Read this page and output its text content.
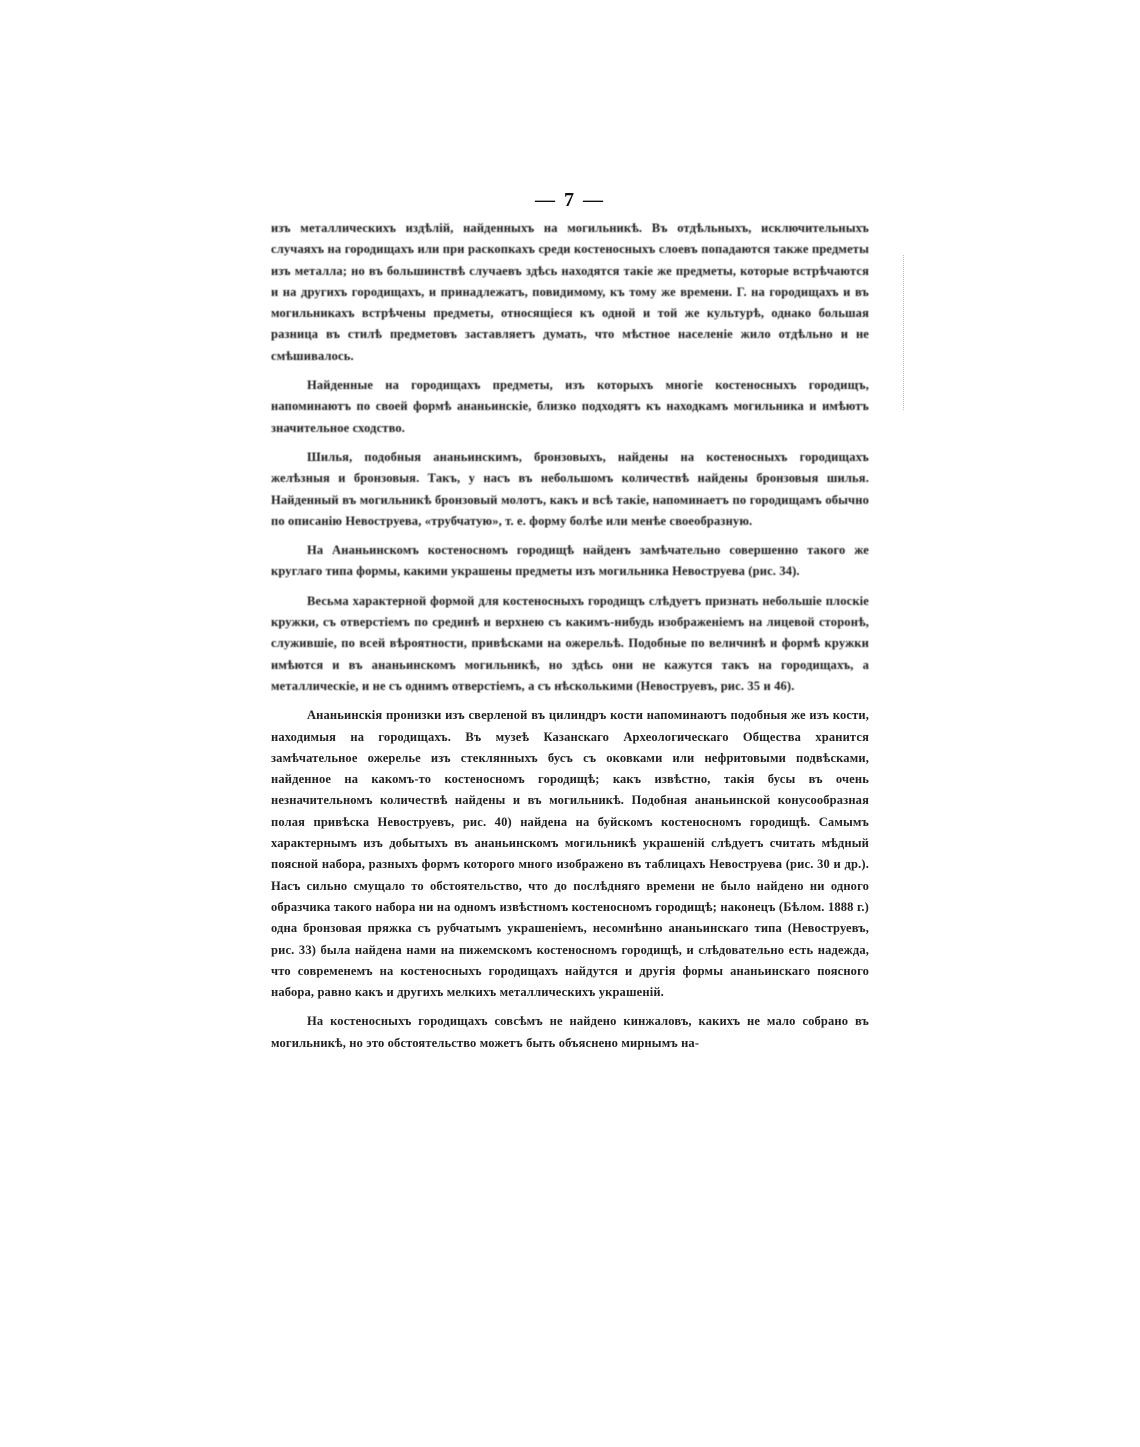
— 7 —

изъ металлическихъ издѣлій, найденныхъ на могильникѣ. Въ отдѣльныхъ, исключительныхъ случаяхъ на городищахъ или при раскопкахъ среди костеносныхъ слоевъ попадаются также предметы изъ металла; но въ большинствѣ случаевъ здѣсь находятся такіе же предметы, которые встрѣчаются и на другихъ городищахъ, и принадлежатъ, повидимому, къ тому же времени. Г. на городищахъ и въ могильникахъ встрѣчены предметы, относящіеся къ одной и той же культурѣ, однако большая разница въ стилѣ предметовъ заставляетъ думать, что мѣстное населеніе жило отдѣльно и не смѣшивалось.

Найденные на городищахъ предметы, изъ которыхъ многіе костеносныхъ городищъ, напоминаютъ по своей формѣ ананьинскіе, близко подходятъ къ находкамъ могильника и имѣютъ значительное сходство.

Шилья, подобныя ананьинскимъ, бронзовыхъ, найдены на костеносныхъ городищахъ желѣзныя и бронзовыя. Такъ, у насъ въ небольшомъ количествѣ найдены бронзовыя шилья. Найденный въ могильникѣ бронзовый молотъ, какъ и всѣ такіе, напоминаетъ по городищамъ обычно по описанію Невоструева, «трубчатую», т. е. форму болѣе или менѣе своеобразную.

На Ананьинскомъ костеносномъ городищѣ найденъ замѣчательно совершенно такого же круглаго типа формы, какими украшены предметы изъ могильника Невоструева (рис. 34).

Весьма характерной формой для костеносныхъ городищъ слѣдуетъ признать небольшіе плоскіе кружки, съ отверстіемъ по срединѣ и верхнею съ какимъ-нибудь изображеніемъ на лицевой сторонѣ, служившіе, по всей вѣроятности, привѣсками на ожерельѣ. Подобные по величинѣ и формѣ кружки имѣются и въ ананьинскомъ могильникѣ, но здѣсь они не кажутся такъ на городищахъ, а металлическіе, и не съ однимъ отверстіемъ, а съ нѣсколькими (Невоструевъ, рис. 35 и 46).

Ананьинскія пронизки изъ сверленой въ цилиндръ кости напоминаютъ подобныя же изъ кости, находимыя на городищахъ. Въ музеѣ Казанскаго Археологическаго Общества хранится замѣчательное ожерелье изъ стеклянныхъ бусъ съ оковками или нефритовыми подвѣсками, найденное на какомъ-то костеносномъ городищѣ; какъ извѣстно, такія бусы въ очень незначительномъ количествѣ найдены и въ могильникѣ. Подобная ананьинской конусообразная полая привѣска Невоструевъ, рис. 40) найдена на буйскомъ костеносномъ городищѣ. Самымъ характернымъ изъ добытыхъ въ ананьинскомъ могильникѣ украшеній слѣдуетъ считать мѣдный поясной набора, разныхъ формъ которого много изображено въ таблицахъ Невоструева (рис. 30 и др.). Насъ сильно смущало то обстоятельство, что до послѣдняго времени не было найдено ни одного образчика такого набора ни на одномъ извѣстномъ костеносномъ городищѣ; наконецъ (Бѣлом. 1888 г.) одна бронзовая пряжка съ рубчатымъ украшеніемъ, несомнѣнно ананьинскаго типа (Невоструевъ, рис. 33) была найдена нами на пижемскомъ костеносномъ городищѣ, и слѣдовательно есть надежда, что современемъ на костеносныхъ городищахъ найдутся и другія формы ананьинскаго поясного набора, равно какъ и другихъ мелкихъ металлическихъ украшеній.

На костеносныхъ городищахъ совсѣмъ не найдено кинжаловъ, какихъ не мало собрано въ могильникѣ, но это обстоятельство можетъ быть объяснено мирнымъ на-
